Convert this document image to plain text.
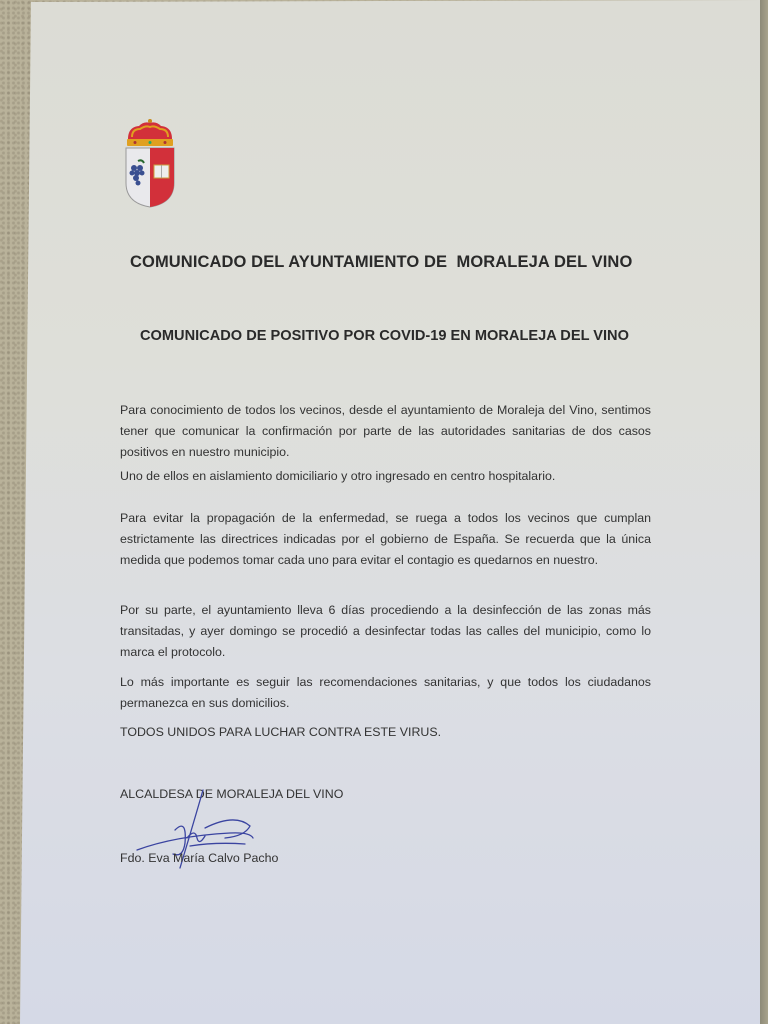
COMUNICADO DEL AYUNTAMIENTO DE  MORALEJA DEL VINO
COMUNICADO DE POSITIVO POR COVID-19 EN MORALEJA DEL VINO
Para conocimiento de todos los vecinos, desde el ayuntamiento de Moraleja del Vino, sentimos tener que comunicar la confirmación por parte de las autoridades sanitarias de dos casos positivos en nuestro municipio.
Uno de ellos en aislamiento domiciliario y otro ingresado en centro hospitalario.
Para evitar la propagación de la enfermedad, se ruega a todos los vecinos que cumplan estrictamente las directrices indicadas por el gobierno de España. Se recuerda que la única medida que podemos tomar cada uno para evitar el contagio es quedarnos en nuestro.
Por su parte, el ayuntamiento lleva 6 días procediendo a la desinfección de las zonas más transitadas, y ayer domingo se procedió a desinfectar todas las calles del municipio, como lo marca el protocolo.
Lo más importante es seguir las recomendaciones sanitarias, y que todos los ciudadanos permanezca en sus domicilios.
TODOS UNIDOS PARA LUCHAR CONTRA ESTE VIRUS.
ALCALDESA DE MORALEJA DEL VINO
Fdo. Eva María Calvo Pacho
